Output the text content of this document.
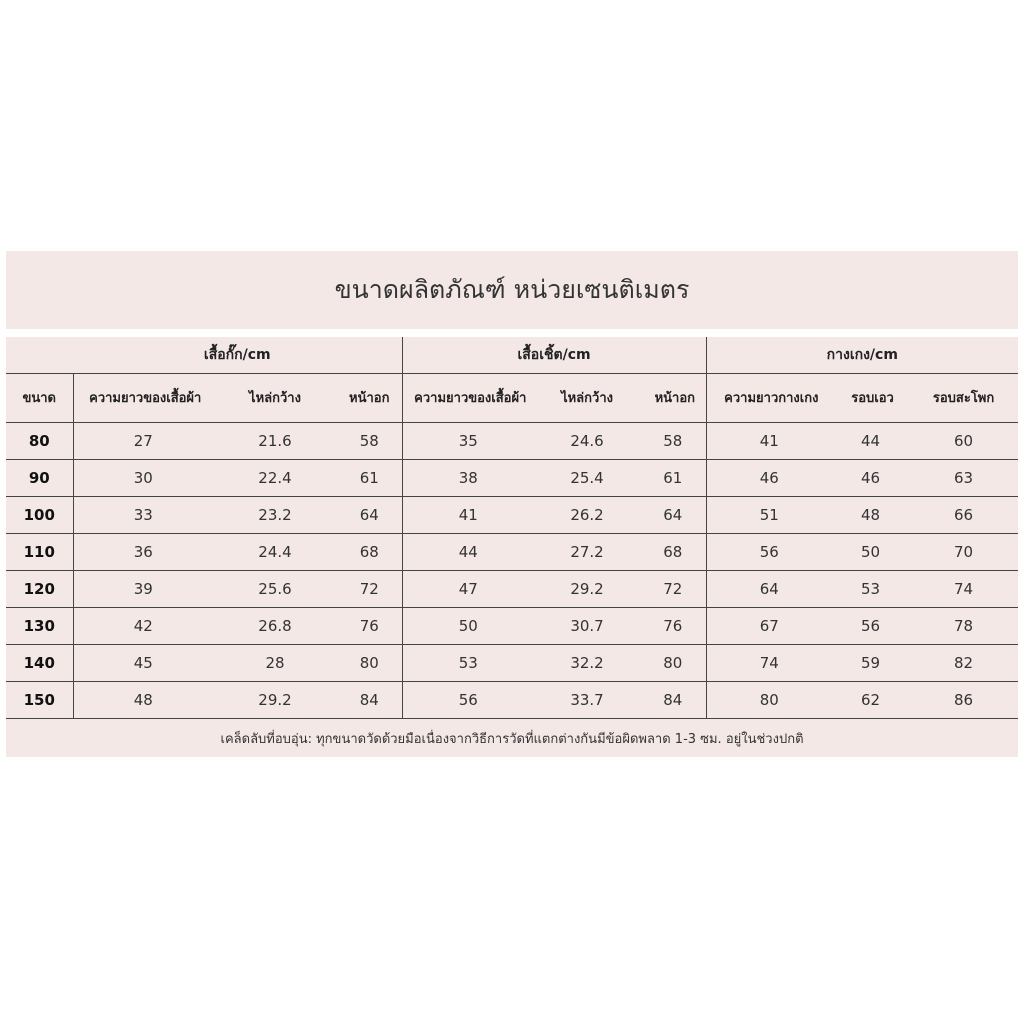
ขนาดผลิตภัณฑ์ หน่วยเซนติเมตร
	เสื้อกั๊ก/cm			เสื้อเชิ้ต/cm			กางเกง/cm		
ขนาด	ความยาวของเสื้อผ้า	ไหล่กว้าง	หน้าอก	ความยาวของเสื้อผ้า	ไหล่กว้าง	หน้าอก	ความยาวกางเกง	รอบเอว	รอบสะโพก
80	27	21.6	58	35	24.6	58	41	44	60
90	30	22.4	61	38	25.4	61	46	46	63
100	33	23.2	64	41	26.2	64	51	48	66
110	36	24.4	68	44	27.2	68	56	50	70
120	39	25.6	72	47	29.2	72	64	53	74
130	42	26.8	76	50	30.7	76	67	56	78
140	45	28	80	53	32.2	80	74	59	82
150	48	29.2	84	56	33.7	84	80	62	86
เคล็ดลับที่อบอุ่น: ทุกขนาดวัดด้วยมือเนื่องจากวิธีการวัดที่แตกต่างกันมีข้อผิดพลาด 1-3 ซม. อยู่ในช่วงปกติ									
